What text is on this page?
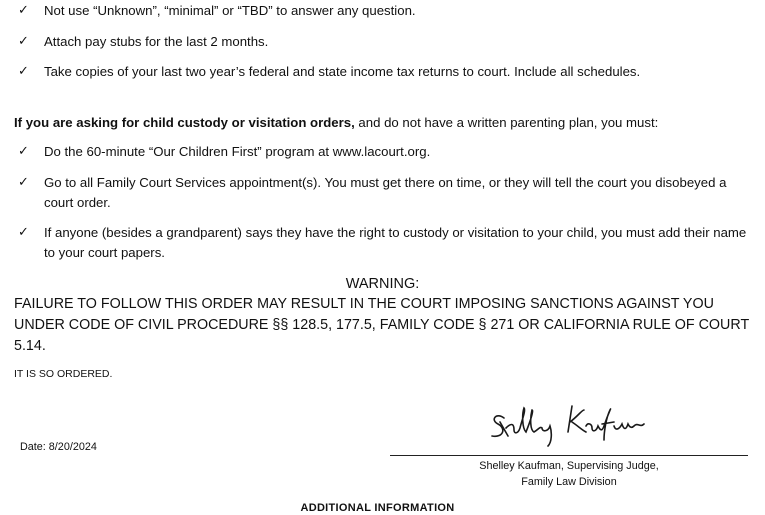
✓ Not use “Unknown”, “minimal” or “TBD” to answer any question.
✓ Attach pay stubs for the last 2 months.
✓ Take copies of your last two year’s federal and state income tax returns to court. Include all schedules.
If you are asking for child custody or visitation orders, and do not have a written parenting plan, you must:
✓ Do the 60-minute “Our Children First” program at www.lacourt.org.
✓ Go to all Family Court Services appointment(s). You must get there on time, or they will tell the court you disobeyed a court order.
✓ If anyone (besides a grandparent) says they have the right to custody or visitation to your child, you must add their name to your court papers.
WARNING:
FAILURE TO FOLLOW THIS ORDER MAY RESULT IN THE COURT IMPOSING SANCTIONS AGAINST YOU UNDER CODE OF CIVIL PROCEDURE §§ 128.5, 177.5, FAMILY CODE § 271 OR CALIFORNIA RULE OF COURT 5.14.
IT IS SO ORDERED.
Date: 8/20/2024
Shelley Kaufman, Supervising Judge,
Family Law Division
ADDITIONAL INFORMATION
